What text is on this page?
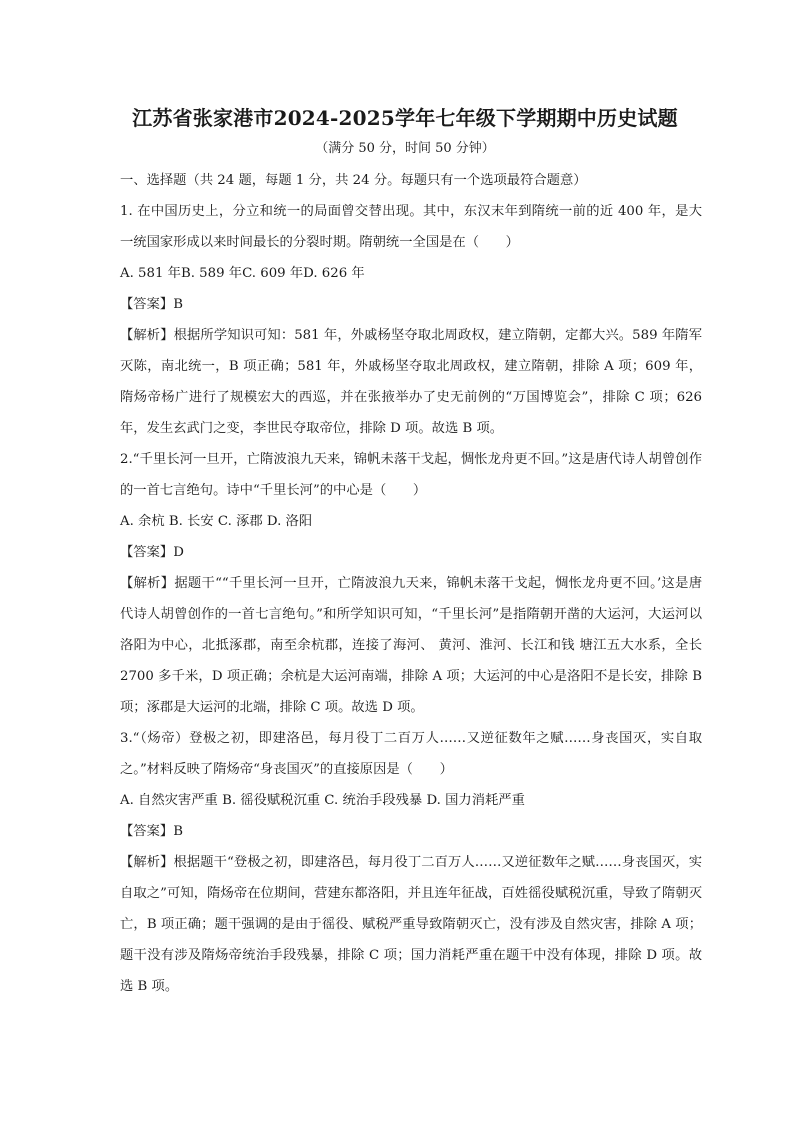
江苏省张家港市2024-2025学年七年级下学期期中历史试题

（满分 50 分，时间 50 分钟）

一、选择题（共 24 题，每题 1 分，共 24 分。每题只有一个选项最符合题意）

1. 在中国历史上，分立和统一的局面曾交替出现。其中，东汉末年到隋统一前的近 400 年，是大一统国家形成以来时间最长的分裂时期。隋朝统一全国是在（　　）

A. 581 年B. 589 年C. 609 年D. 626 年

【答案】B

【解析】根据所学知识可知：581 年，外戚杨坚夺取北周政权，建立隋朝，定都大兴。589 年隋军灭陈，南北统一，B 项正确；581 年，外戚杨坚夺取北周政权，建立隋朝，排除 A 项；609 年，隋炀帝杨广进行了规模宏大的西巡，并在张掖举办了史无前例的“万国博览会”，排除 C 项；626 年，发生玄武门之变，李世民夺取帝位，排除 D 项。故选 B 项。

2.“千里长河一旦开，亡隋波浪九天来，锦帆未落干戈起，惆怅龙舟更不回。”这是唐代诗人胡曾创作的一首七言绝句。诗中“千里长河”的中心是（　　）

A. 余杭 B. 长安 C. 涿郡 D. 洛阳

【答案】D

【解析】据题干““千里长河一旦开，亡隋波浪九天来，锦帆未落干戈起，惆怅龙舟更不回。’这是唐代诗人胡曾创作的一首七言绝句。”和所学知识可知，“千里长河”是指隋朝开凿的大运河，大运河以洛阳为中心，北抵涿郡，南至余杭郡，连接了海河、 黄河、淮河、长江和钱 塘江五大水系，全长 2700 多千米，D 项正确；余杭是大运河南端，排除 A 项；大运河的中心是洛阳不是长安，排除 B 项；涿郡是大运河的北端，排除 C 项。故选 D 项。

3.“（炀帝）登极之初，即建洛邑，每月役丁二百万人……又逆征数年之赋……身丧国灭，实自取之。”材料反映了隋炀帝“身丧国灭”的直接原因是（　　）

A. 自然灾害严重 B. 徭役赋税沉重 C. 统治手段残暴 D. 国力消耗严重

【答案】B

【解析】根据题干“登极之初，即建洛邑，每月役丁二百万人……又逆征数年之赋……身丧国灭，实自取之”可知，隋炀帝在位期间，营建东都洛阳，并且连年征战，百姓徭役赋税沉重，导致了隋朝灭亡，B 项正确；题干强调的是由于徭役、赋税严重导致隋朝灭亡，没有涉及自然灾害，排除 A 项；题干没有涉及隋炀帝统治手段残暴，排除 C 项；国力消耗严重在题干中没有体现，排除 D 项。故选 B 项。
